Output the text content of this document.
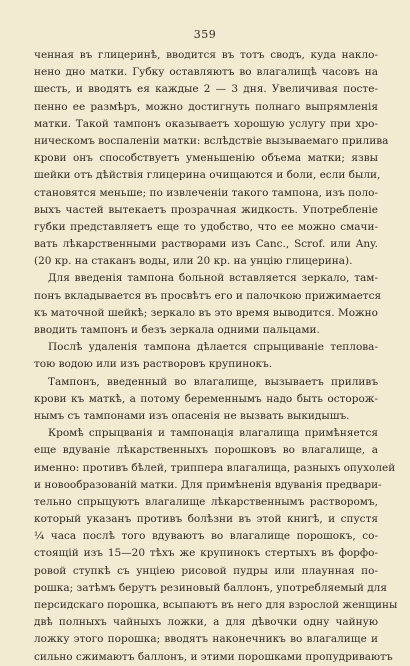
359
ченная въ глицеринѣ, вводится въ тотъ сводъ, куда накло-
нено дно матки. Губку оставляютъ во влагалищѣ часовъ на
шесть, и вводятъ ея каждые 2 — 3 дня. Увеличивая посте-
пенно ее размѣръ, можно достигнуть полнаго выпрямленія
матки. Такой тампонъ оказываетъ хорошую услугу при хро-
ническомъ воспаленіи матки: вслѣдствіе вызываемаго прилива
крови онъ способствуетъ уменьшенію объема матки; язвы
шейки отъ дѣйствія глицерина очищаются и боли, если были,
становятся меньше; по извлеченіи такого тампона, изъ поло-
выхъ частей вытекаетъ прозрачная жидкость. Употребленіе
губки представляетъ еще то удобство, что ее можно смачи-
вать лѣкарственными растворами изъ Canc., Scrof. или Any.
(20 кр. на стаканъ воды, или 20 кр. на унцію глицерина).
Для введенія тампона больной вставляется зеркало, там-
понъ вкладывается въ просвѣтъ его и палочкою прижимается
къ маточной шейкѣ; зеркало въ это время выводится. Можно
вводить тампонъ и безъ зеркала одними пальцами.
Послѣ удаленія тампона дѣлается спрыциваніе теплова-
тою водою или изъ растворовъ крупинокъ.
Тампонъ, введенный во влагалище, вызываетъ приливъ
крови къ маткѣ, а потому беременнымъ надо быть осторож-
нымъ съ тампонами изъ опасенія не вызвать выкидышъ.
Кромѣ спрыцванія и тампонація влагалища примѣняется
еще вдуваніе лѣкарственныхъ порошковъ во влагалище, а
именно: противъ бѣлей, триппера влагалища, разныхъ опухолей
и новообразованій матки. Для примѣненія вдуванія предвари-
тельно спрыцуютъ влагалище лѣкарственнымъ растворомъ,
который указанъ противъ болѣзни въ этой книгѣ, и спустя
¼ часа послѣ того вдуваютъ во влагалище порошокъ, со-
стоящій изъ 15—20 тѣхъ же крупинокъ стертыхъ въ форфо-
ровой ступкѣ съ унціею рисовой пудры или плаунная по-
рошка; затѣмъ берутъ резиновый баллонъ, употребляемый для
персидскаго порошка, всыпаютъ въ него для взрослой женщины
двѣ полныхъ чайныхъ ложки, а для дѣвочки одну чайную
ложку этого порошка; вводятъ наконечникъ во влагалище и
сильно сжимаютъ баллонъ, и этими порошками пропудриваютъ
